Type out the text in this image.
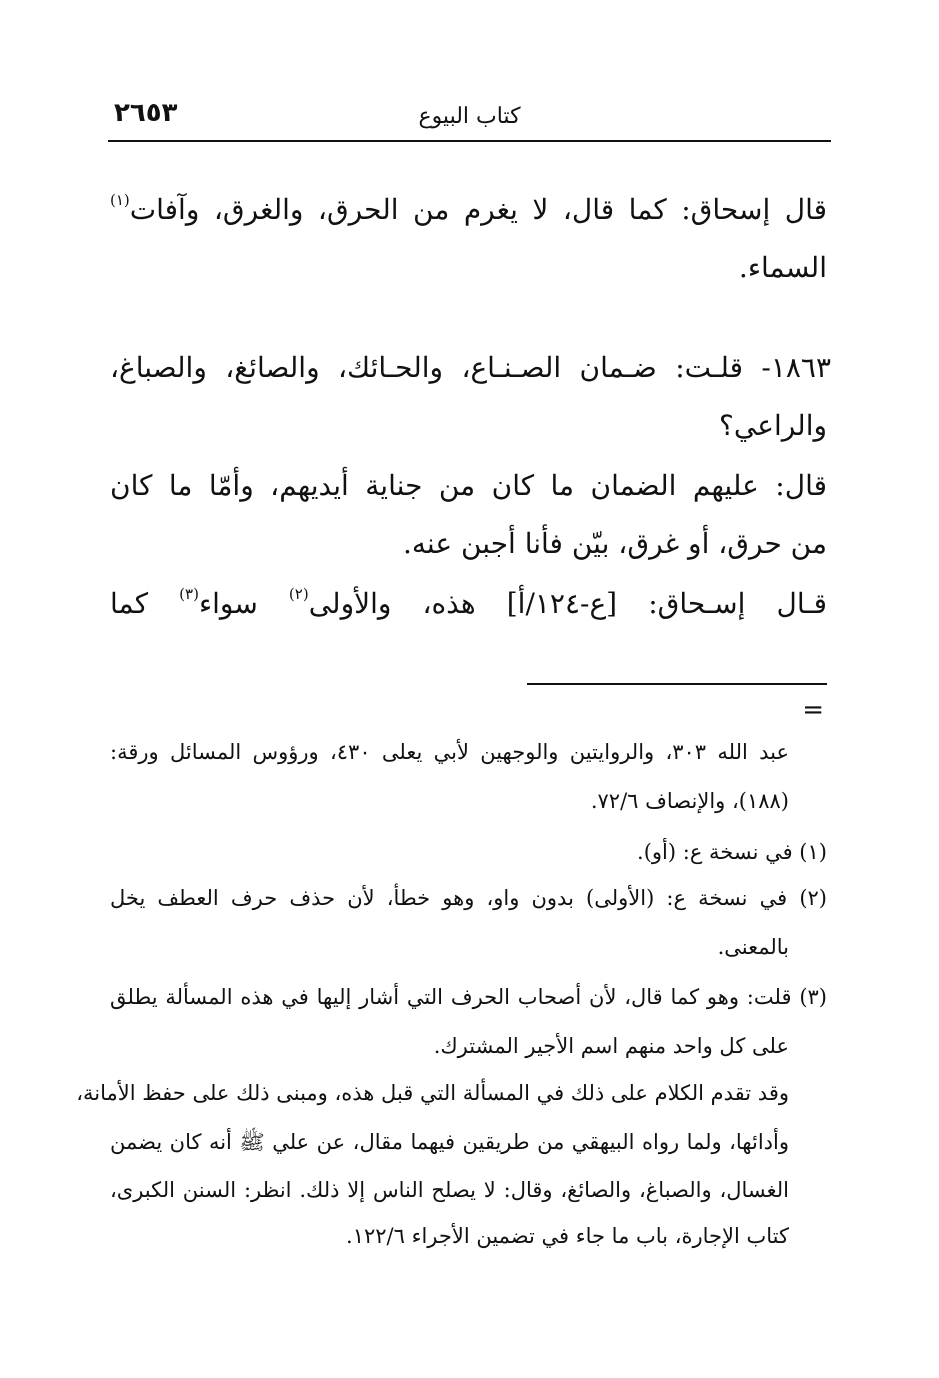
٢٦٥٣	كتاب البيوع
قال إسحاق: كما قال، لا يغرم من الحرق، والغرق، وآفات$^{(١)}$
السماء.
١٨٦٣- قلـت: ضـمان الصـنـاع، والحـائك، والصائغ، والصباغ،
والراعي؟
قال: عليهم الضمان ما كان من جناية أيديهم، وأمّا ما كان
من حرق، أو غرق، بيّن فأنا أجبن عنه.
قـال إسـحاق: [ع-١٢٤/أ] هذه، والأولى$^{(٢)}$ سواء$^{(٣)}$ كما
=
عبد الله ٣٠٣، والروايتين والوجهين لأبي يعلى ٤٣٠، ورؤوس المسائل ورقة:
(١٨٨)، والإنصاف ٧٢/٦.
(١) في نسخة ع: (أو).
(٢) في نسخة ع: (الأولى) بدون واو، وهو خطأ، لأن حذف حرف العطف يخل
بالمعنى.
(٣) قلت: وهو كما قال، لأن أصحاب الحرف التي أشار إليها في هذه المسألة يطلق
على كل واحد منهم اسم الأجير المشترك.
وقد تقدم الكلام على ذلك في المسألة التي قبل هذه، ومبنى ذلك على حفظ الأمانة،
وأدائها، ولما رواه البيهقي من طريقين فيهما مقال، عن علي ﷺ أنه كان يضمن
الغسال، والصباغ، والصائغ، وقال: لا يصلح الناس إلا ذلك. انظر: السنن الكبرى،
كتاب الإجارة، باب ما جاء في تضمين الأجراء ١٢٢/٦.
